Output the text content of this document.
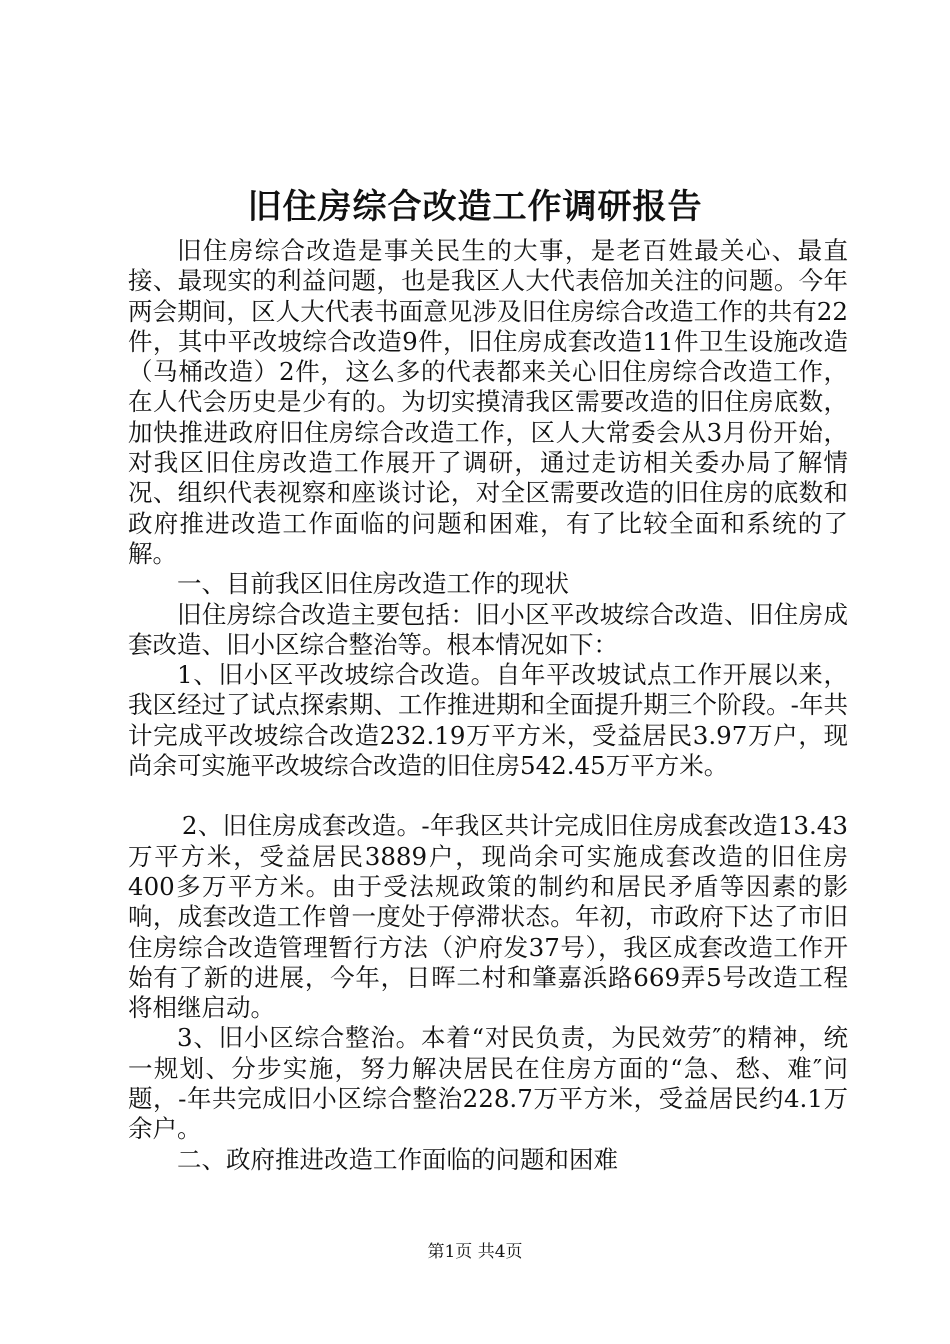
旧住房综合改造工作调研报告

旧住房综合改造是事关民生的大事，是老百姓最关心、最直接、最现实的利益问题，也是我区人大代表倍加关注的问题。今年两会期间，区人大代表书面意见涉及旧住房综合改造工作的共有22件，其中平改坡综合改造9件，旧住房成套改造11件卫生设施改造（马桶改造）2件，这么多的代表都来关心旧住房综合改造工作，在人代会历史是少有的。为切实摸清我区需要改造的旧住房底数，加快推进政府旧住房综合改造工作，区人大常委会从3月份开始，对我区旧住房改造工作展开了调研，通过走访相关委办局了解情况、组织代表视察和座谈讨论，对全区需要改造的旧住房的底数和政府推进改造工作面临的问题和困难，有了比较全面和系统的了解。

一、目前我区旧住房改造工作的现状

旧住房综合改造主要包括：旧小区平改坡综合改造、旧住房成套改造、旧小区综合整治等。根本情况如下：

1、旧小区平改坡综合改造。自年平改坡试点工作开展以来，我区经过了试点探索期、工作推进期和全面提升期三个阶段。-年共计完成平改坡综合改造232.19万平方米，受益居民3.97万户，现尚余可实施平改坡综合改造的旧住房542.45万平方米。

2、旧住房成套改造。-年我区共计完成旧住房成套改造13.43万平方米，受益居民3889户，现尚余可实施成套改造的旧住房400多万平方米。由于受法规政策的制约和居民矛盾等因素的影响，成套改造工作曾一度处于停滞状态。年初，市政府下达了市旧住房综合改造管理暂行方法（沪府发37号），我区成套改造工作开始有了新的进展，今年，日晖二村和肇嘉浜路669弄5号改造工程将相继启动。

3、旧小区综合整治。本着“对民负责，为民效劳″的精神，统一规划、分步实施，努力解决居民在住房方面的“急、愁、难″问题，-年共完成旧小区综合整治228.7万平方米，受益居民约4.1万余户。

二、政府推进改造工作面临的问题和困难

第1页 共4页
